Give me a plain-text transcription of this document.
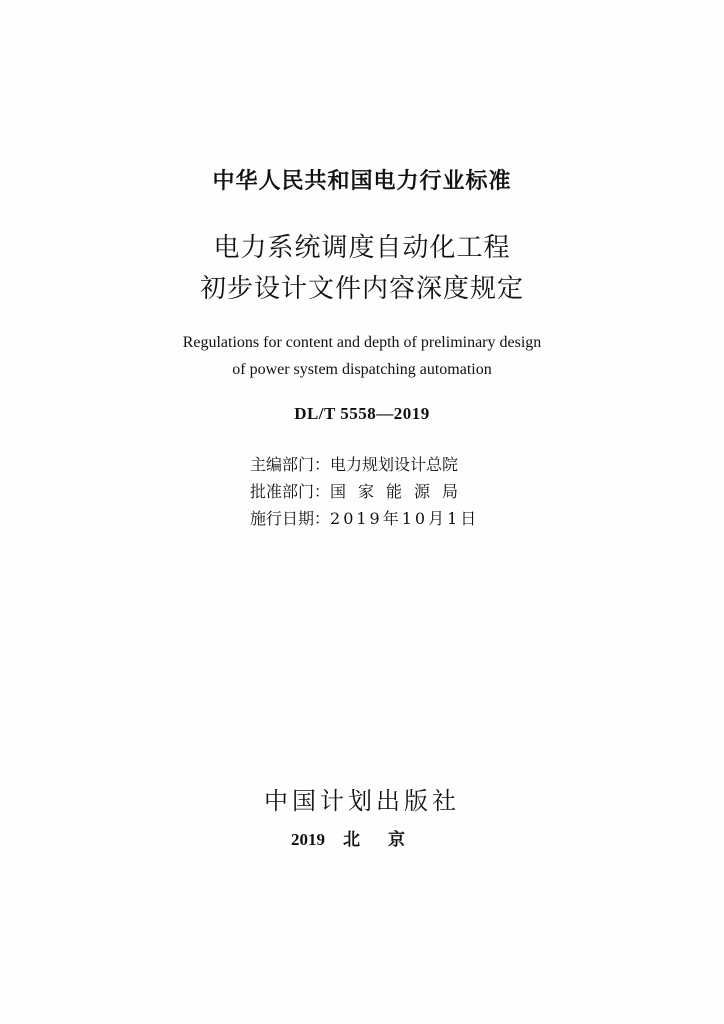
中华人民共和国电力行业标准
电力系统调度自动化工程
初步设计文件内容深度规定
Regulations for content and depth of preliminary design
of power system dispatching automation
DL/T 5558—2019
主编部门：电力规划设计总院
批准部门：国家能源局
施行日期：2019年10月1日
中国计划出版社
2019 北京
